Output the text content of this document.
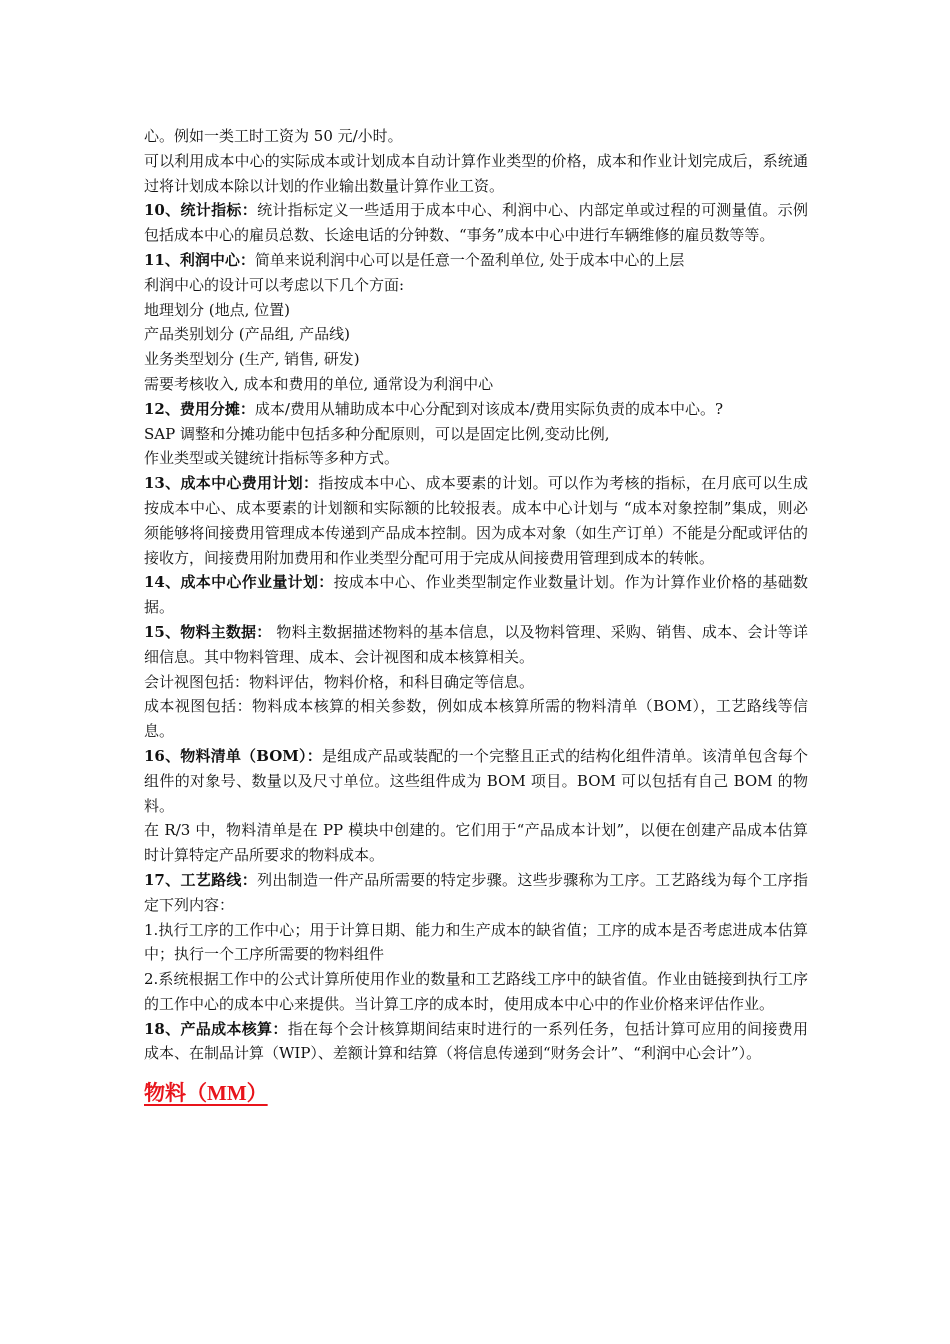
心。例如一类工时工资为 50 元/小时。

可以利用成本中心的实际成本或计划成本自动计算作业类型的价格，成本和作业计划完成后，系统通过将计划成本除以计划的作业输出数量计算作业工资。

10、统计指标：统计指标定义一些适用于成本中心、利润中心、内部定单或过程的可测量值。示例包括成本中心的雇员总数、长途电话的分钟数、“事务”成本中心中进行车辆维修的雇员数等等。

11、利润中心：简单来说利润中心可以是任意一个盈利单位, 处于成本中心的上层

利润中心的设计可以考虑以下几个方面:

地理划分 (地点, 位置)

产品类别划分 (产品组, 产品线)

业务类型划分 (生产, 销售, 研发)

需要考核收入, 成本和费用的单位, 通常设为利润中心

12、费用分摊：成本/费用从辅助成本中心分配到对该成本/费用实际负责的成本中心。?

SAP 调整和分摊功能中包括多种分配原则，可以是固定比例,变动比例,

作业类型或关键统计指标等多种方式。

13、成本中心费用计划：指按成本中心、成本要素的计划。可以作为考核的指标，在月底可以生成按成本中心、成本要素的计划额和实际额的比较报表。成本中心计划与 “成本对象控制”集成，则必须能够将间接费用管理成本传递到产品成本控制。因为成本对象（如生产订单）不能是分配或评估的接收方，间接费用附加费用和作业类型分配可用于完成从间接费用管理到成本的转帐。

14、成本中心作业量计划：按成本中心、作业类型制定作业数量计划。作为计算作业价格的基础数据。

15、物料主数据： 物料主数据描述物料的基本信息，以及物料管理、采购、销售、成本、会计等详细信息。其中物料管理、成本、会计视图和成本核算相关。

会计视图包括：物料评估，物料价格，和科目确定等信息。

成本视图包括：物料成本核算的相关参数，例如成本核算所需的物料清单（BOM），工艺路线等信息。

16、物料清单（BOM）：是组成产品或装配的一个完整且正式的结构化组件清单。该清单包含每个组件的对象号、数量以及尺寸单位。这些组件成为 BOM 项目。BOM 可以包括有自己 BOM 的物料。

在 R/3 中，物料清单是在 PP 模块中创建的。它们用于“产品成本计划”，以便在创建产品成本估算时计算特定产品所要求的物料成本。

17、工艺路线：列出制造一件产品所需要的特定步骤。这些步骤称为工序。工艺路线为每个工序指定下列内容：

1.执行工序的工作中心；用于计算日期、能力和生产成本的缺省值；工序的成本是否考虑进成本估算中；执行一个工序所需要的物料组件

2.系统根据工作中的公式计算所使用作业的数量和工艺路线工序中的缺省值。作业由链接到执行工序的工作中心的成本中心来提供。当计算工序的成本时，使用成本中心中的作业价格来评估作业。

18、产品成本核算：指在每个会计核算期间结束时进行的一系列任务，包括计算可应用的间接费用成本、在制品计算（WIP）、差额计算和结算（将信息传递到“财务会计”、“利润中心会计”）。

物料（MM）
